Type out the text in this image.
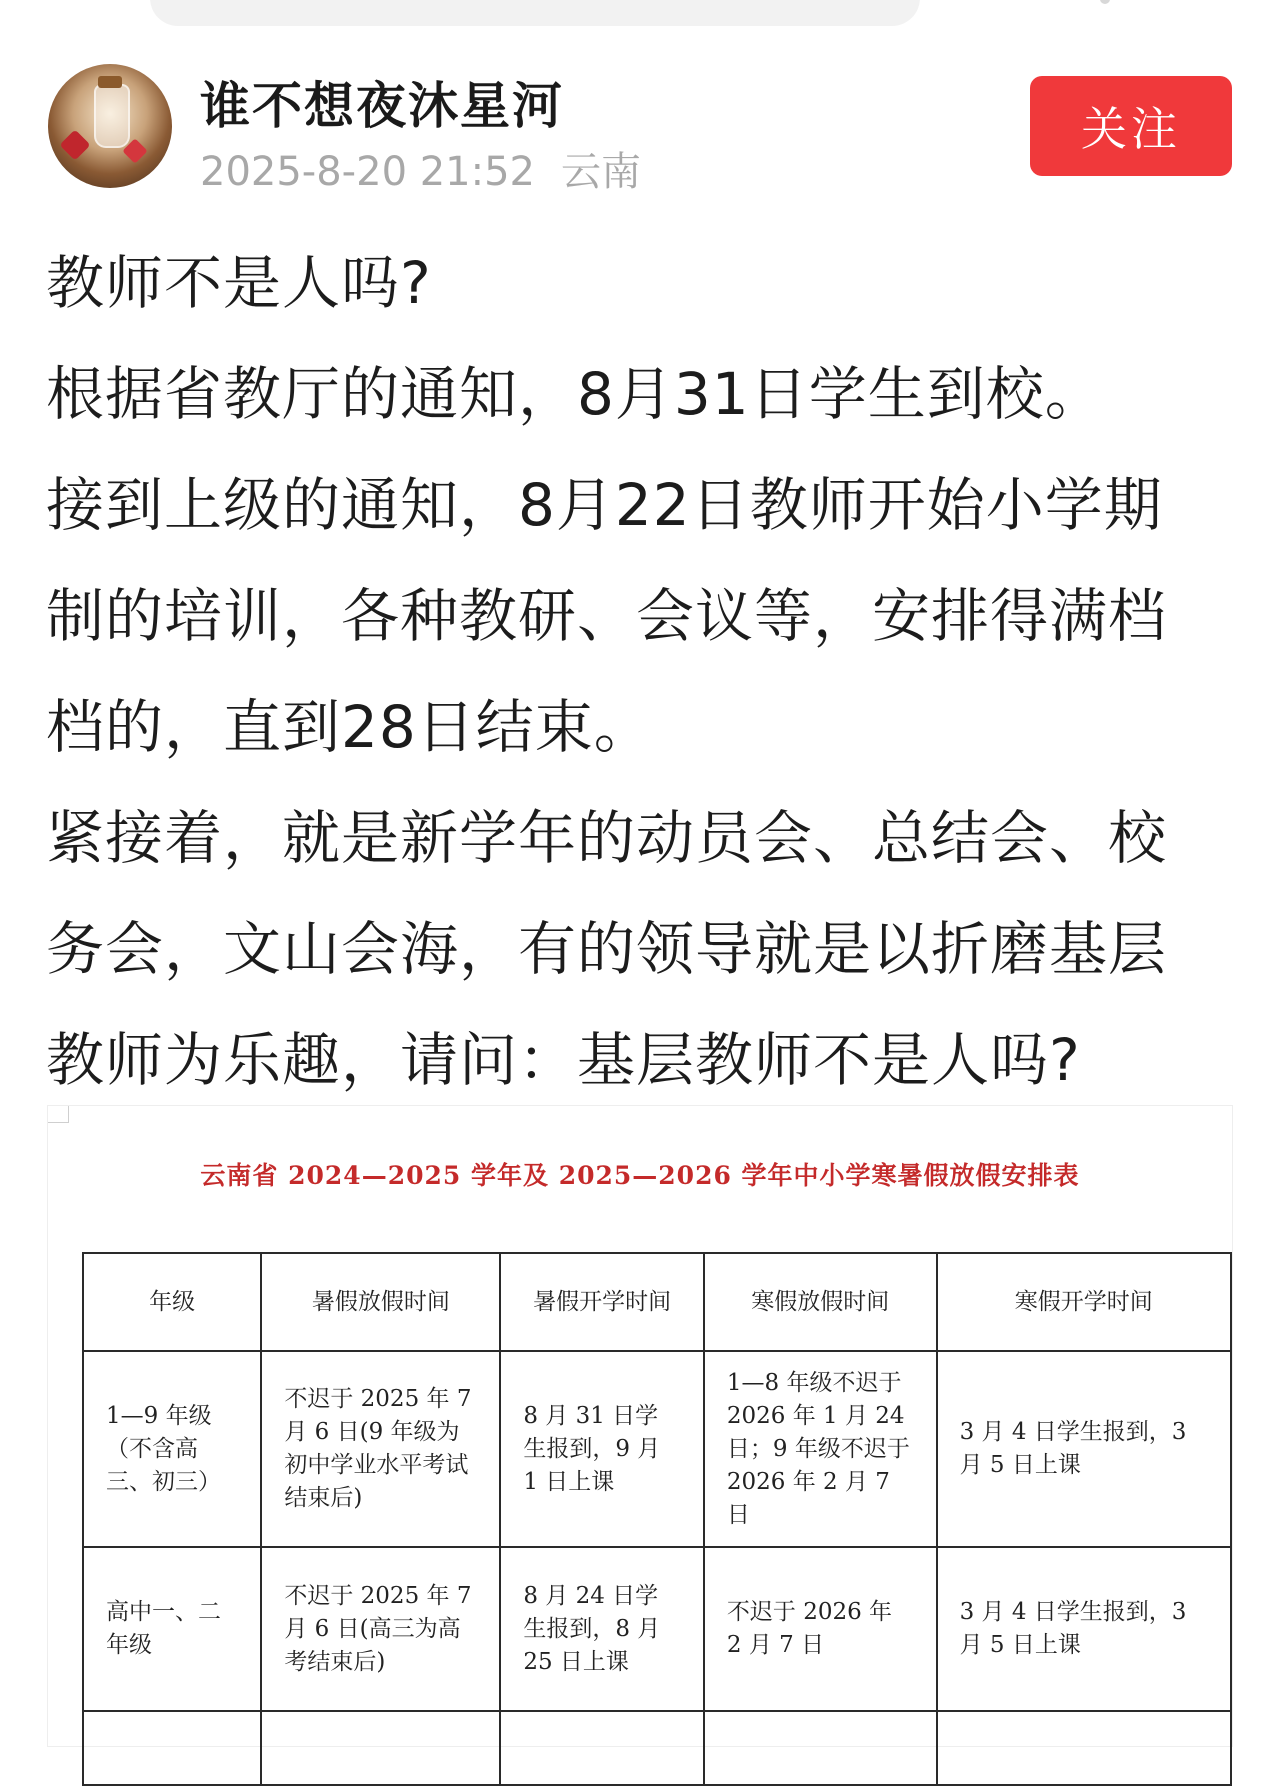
谁不想夜沐星河
2025-8-20 21:52 云南
关注

教师不是人吗?

根据省教厅的通知，8月31日学生到校。

接到上级的通知，8月22日教师开始小学期

制的培训，各种教研、会议等，安排得满档

档的，直到28日结束。

紧接着，就是新学年的动员会、总结会、校

务会，文山会海，有的领导就是以折磨基层

教师为乐趣，请问：基层教师不是人吗?

云南省 2024—2025 学年及 2025—2026 学年中小学寒暑假放假安排表
年级	暑假放假时间	暑假开学时间	寒假放假时间	寒假开学时间
1—9 年级（不含高三、初三）	不迟于 2025 年 7 月 6 日(9 年级为初中学业水平考试结束后)	8 月 31 日学生报到，9 月 1 日上课	1—8 年级不迟于 2026 年 1 月 24 日；9 年级不迟于 2026 年 2 月 7 日	3 月 4 日学生报到，3 月 5 日上课
高中一、二年级	不迟于 2025 年 7 月 6 日(高三为高考结束后)	8 月 24 日学生报到，8 月 25 日上课	不迟于 2026 年 2 月 7 日	3 月 4 日学生报到，3 月 5 日上课
